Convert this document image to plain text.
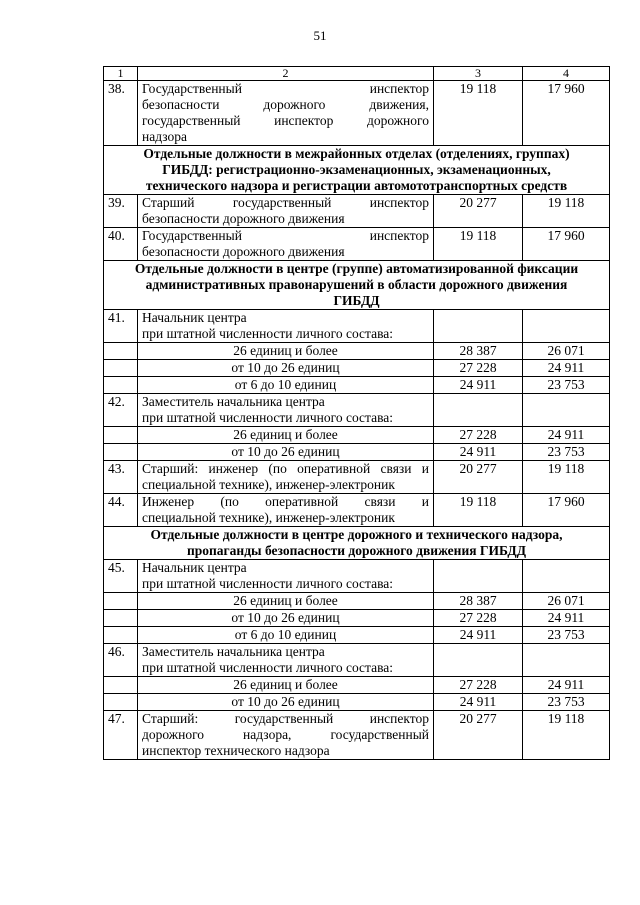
51
1	2	3	4
38.	Государственный инспектор
безопасности дорожного движения,
государственный инспектор дорожного
надзора	19 118	17 960
Отдельные должности в межрайонных отделах (отделениях, группах)
ГИБДД: регистрационно-экзаменационных, экзаменационных,
технического надзора и регистрации автомототранспортных средств			
39.	Старший государственный инспектор
безопасности дорожного движения	20 277	19 118
40.	Государственный инспектор
безопасности дорожного движения	19 118	17 960
Отдельные должности в центре (группе) автоматизированной фиксации
административных правонарушений в области дорожного движения
ГИБДД			
41.	Начальник центра
при штатной численности личного состава:		
	26 единиц и более	28 387	26 071
	от 10 до 26 единиц	27 228	24 911
	от 6 до 10 единиц	24 911	23 753
42.	Заместитель начальника центра
при штатной численности личного состава:		
	26 единиц и более	27 228	24 911
	от 10 до 26 единиц	24 911	23 753
43.	Старший: инженер (по оперативной связи и
специальной технике), инженер-электроник	20 277	19 118
44.	Инженер (по оперативной связи и
специальной технике), инженер-электроник	19 118	17 960
Отдельные должности в центре дорожного и технического надзора,
пропаганды безопасности дорожного движения ГИБДД			
45.	Начальник центра
при штатной численности личного состава:		
	26 единиц и более	28 387	26 071
	от 10 до 26 единиц	27 228	24 911
	от 6 до 10 единиц	24 911	23 753
46.	Заместитель начальника центра
при штатной численности личного состава:		
	26 единиц и более	27 228	24 911
	от 10 до 26 единиц	24 911	23 753
47.	Старший: государственный инспектор
дорожного надзора, государственный
инспектор технического надзора	20 277	19 118
